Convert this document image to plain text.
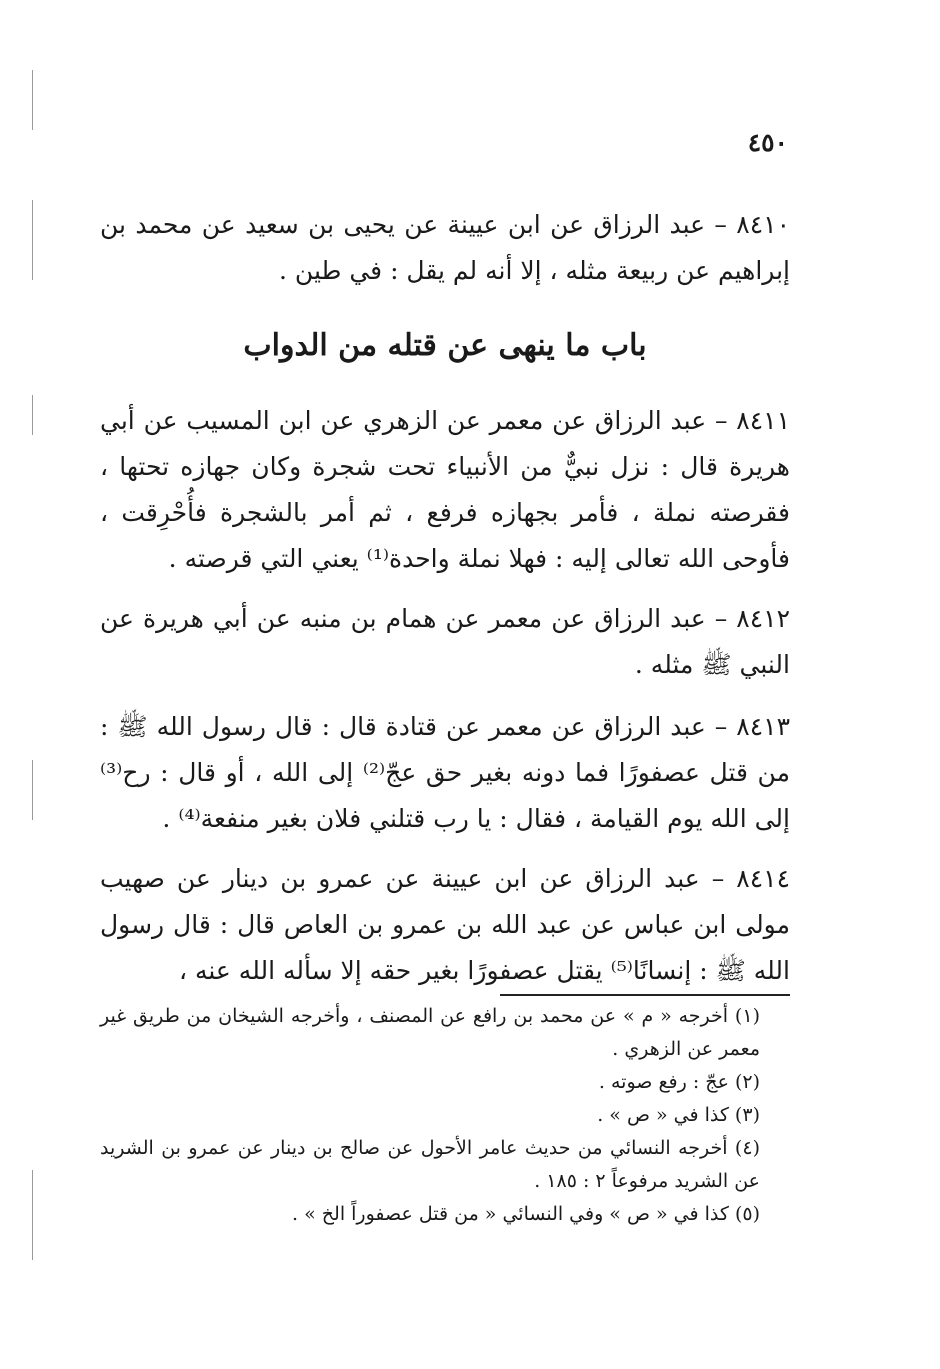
٤٥٠

٨٤١٠ – عبد الرزاق عن ابن عيينة عن يحيى بن سعيد عن محمد بن إبراهيم عن ربيعة مثله ، إلا أنه لم يقل : في طين .

باب ما ينهى عن قتله من الدواب

٨٤١١ – عبد الرزاق عن معمر عن الزهري عن ابن المسيب عن أبي هريرة قال : نزل نبيٌّ من الأنبياء تحت شجرة وكان جهازه تحتها ، فقرصته نملة ، فأمر بجهازه فرفع ، ثم أمر بالشجرة فأُحْرِقت ، فأوحى الله تعالى إليه : فهلا نملة واحدة⁽¹⁾ يعني التي قرصته .

٨٤١٢ – عبد الرزاق عن معمر عن همام بن منبه عن أبي هريرة عن النبي ﷺ مثله .

٨٤١٣ – عبد الرزاق عن معمر عن قتادة قال : قال رسول الله ﷺ : من قتل عصفورًا فما دونه بغير حق عجّ⁽²⁾ إلى الله ، أو قال : رح⁽³⁾ إلى الله يوم القيامة ، فقال : يا رب قتلني فلان بغير منفعة⁽⁴⁾ .

٨٤١٤ – عبد الرزاق عن ابن عيينة عن عمرو بن دينار عن صهيب مولى ابن عباس عن عبد الله بن عمرو بن العاص قال : قال رسول الله ﷺ : إنسانًا⁽⁵⁾ يقتل عصفورًا بغير حقه إلا سأله الله عنه ،

(١) أخرجه « م » عن محمد بن رافع عن المصنف ، وأخرجه الشيخان من طريق غير معمر عن الزهري .

(٢) عجّ : رفع صوته .

(٣) كذا في « ص » .

(٤) أخرجه النسائي من حديث عامر الأحول عن صالح بن دينار عن عمرو بن الشريد عن الشريد مرفوعاً ٢ : ١٨٥ .

(٥) كذا في « ص » وفي النسائي « من قتل عصفوراً الخ » .
